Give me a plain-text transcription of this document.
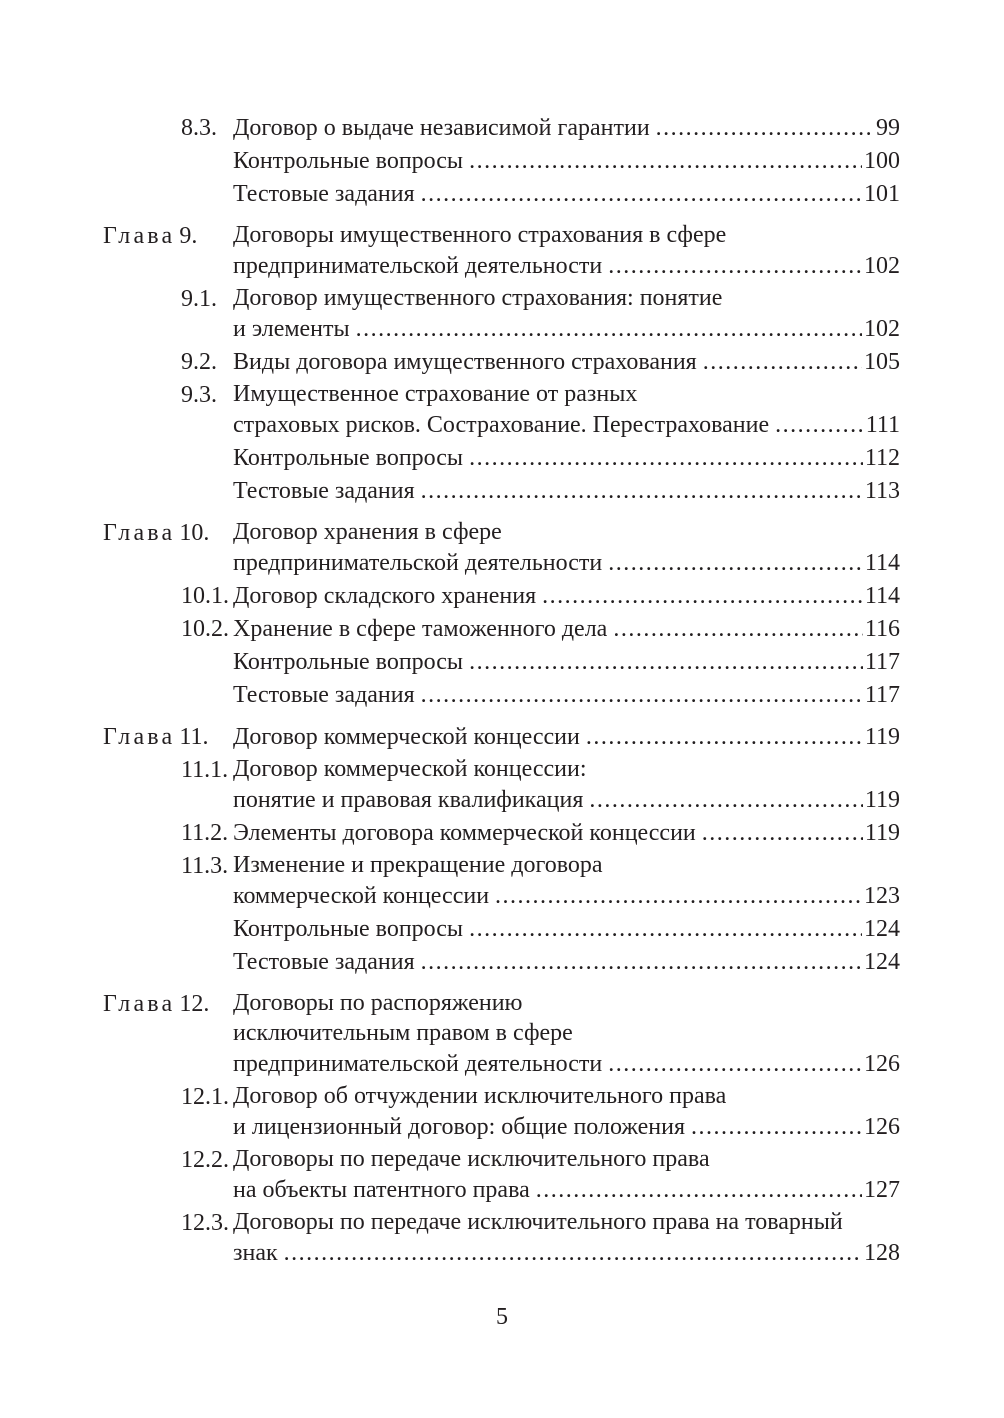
8.3. Договор о выдаче независимой гарантии .....	99
Контрольные вопросы .....	100
Тестовые задания .....	101
Глава 9.	Договоры имущественного страхования в сфере
предпринимательской деятельности .....	102
9.1. Договор имущественного страхования: понятие
и элементы .....	102
9.2. Виды договора имущественного страхования .....	105
9.3. Имущественное страхование от разных
страховых рисков. Сострахование. Перестрахование .....	111
Контрольные вопросы .....	112
Тестовые задания .....	113
Глава 10. Договор хранения в сфере
предпринимательской деятельности .....	114
10.1. Договор складского хранения .....	114
10.2. Хранение в сфере таможенного дела .....	116
Контрольные вопросы .....	117
Тестовые задания .....	117
Глава 11.	Договор коммерческой концессии .....	119
11.1. Договор коммерческой концессии:
понятие и правовая квалификация .....	119
11.2. Элементы договора коммерческой концессии .....	119
11.3. Изменение и прекращение договора
коммерческой концессии .....	123
Контрольные вопросы .....	124
Тестовые задания .....	124
Глава 12. Договоры по распоряжению
исключительным правом в сфере
предпринимательской деятельности .....	126
12.1. Договор об отчуждении исключительного права
и лицензионный договор: общие положения .....	126
12.2. Договоры по передаче исключительного права
на объекты патентного права .....	127
12.3. Договоры по передаче исключительного права на товарный
знак .....	128
5
